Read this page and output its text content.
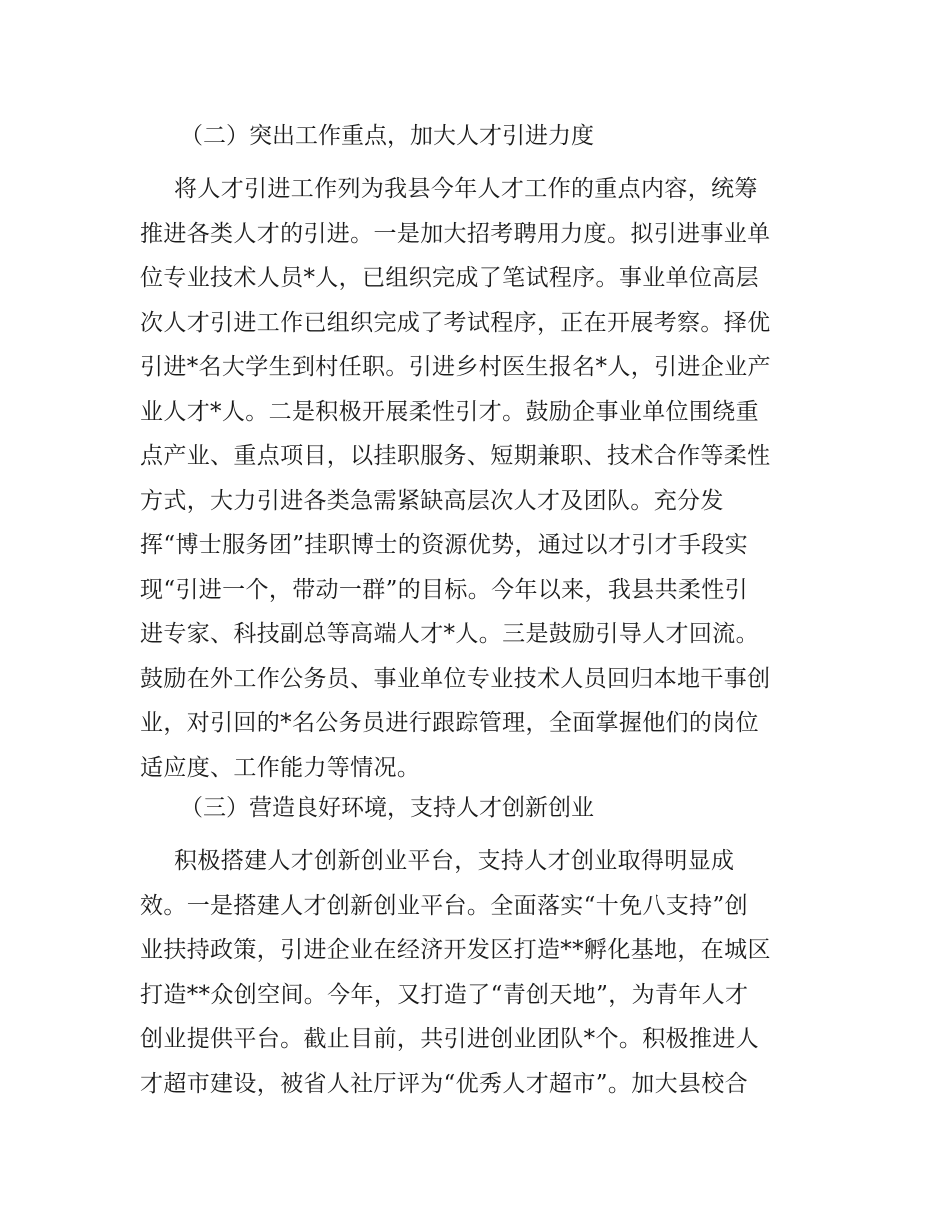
（二）突出工作重点，加大人才引进力度
将人才引进工作列为我县今年人才工作的重点内容，统筹
推进各类人才的引进。一是加大招考聘用力度。拟引进事业单
位专业技术人员*人，已组织完成了笔试程序。事业单位高层
次人才引进工作已组织完成了考试程序，正在开展考察。择优
引进*名大学生到村任职。引进乡村医生报名*人，引进企业产
业人才*人。二是积极开展柔性引才。鼓励企事业单位围绕重
点产业、重点项目，以挂职服务、短期兼职、技术合作等柔性
方式，大力引进各类急需紧缺高层次人才及团队。充分发
挥“博士服务团”挂职博士的资源优势，通过以才引才手段实
现“引进一个，带动一群”的目标。今年以来，我县共柔性引
进专家、科技副总等高端人才*人。三是鼓励引导人才回流。
鼓励在外工作公务员、事业单位专业技术人员回归本地干事创
业，对引回的*名公务员进行跟踪管理，全面掌握他们的岗位
适应度、工作能力等情况。
（三）营造良好环境，支持人才创新创业
积极搭建人才创新创业平台，支持人才创业取得明显成
效。一是搭建人才创新创业平台。全面落实“十免八支持”创
业扶持政策，引进企业在经济开发区打造**孵化基地，在城区
打造**众创空间。今年，又打造了“青创天地”，为青年人才
创业提供平台。截止目前，共引进创业团队*个。积极推进人
才超市建设，被省人社厅评为“优秀人才超市”。加大县校合
